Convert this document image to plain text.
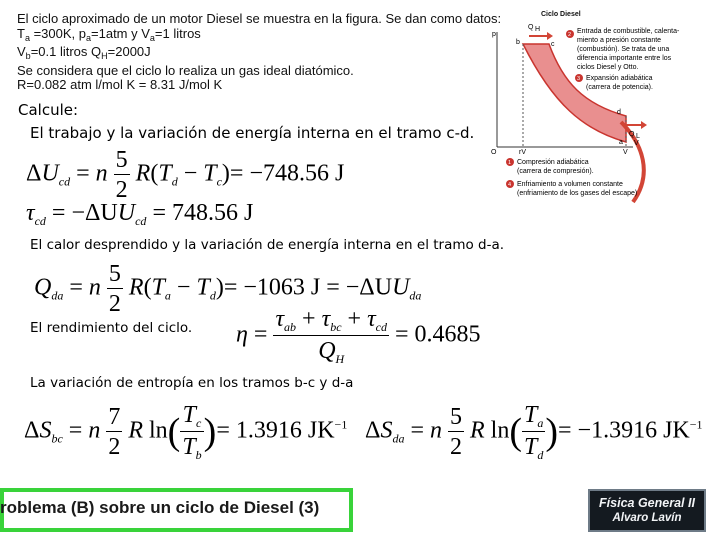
El ciclo aproximado de un motor Diesel se muestra en la figura. Se dan como datos:
$T_a =300K$, $p_a=1atm$ y $V_a=1$ litros
$V_b=0.1$ litros $Q_H=2000J$
Se considera que el ciclo lo realiza un gas ideal diatómico.
R=0.082 atm l/mol K = 8.31 J/mol K
Calcule:
El trabajo y la variación de energía interna en el tramo c-d.
El calor desprendido y la variación de energía interna en el tramo d-a.
El rendimiento del ciclo.
La variación de entropía en los tramos b-c y d-a
$\Delta U_{cd} = n \frac{5}{2} R(T_d - T_c)= -748.56$ J
$\tau_{cd} = -\Delta UU_{cd} = 748.56$ J
$Q_{da} = n \frac{5}{2} R(T_a - T_d)= -1063$ $J = -\Delta UU_{da}$
$\eta = \frac{\tau_{ab} + \tau_{bc} + \tau_{cd}}{Q_H} = 0.4685$
$\Delta S_{bc} = n \frac{7}{2}$ R $\ln( \frac{T_c}{T_b}$ )= 1.3916 $JK^{-1}$ $\Delta S_{da} = n \frac{5}{2}$ R $\ln( \frac{T_a}{T_d}$ )= −1.3916 $JK^{-1}$
p
V
Q H
Q L
b	c
d
a
O	rV	V
Ciclo Diesel
2 Entrada de combustible, calenta-
miento a presión constante
(combustión). Se trata de una
diferencia importante entre los
ciclos Diesel y Otto.
3 Expansión adiabática
(carrera de potencia).
1 Compresión adiabática
(carrera de compresión).
4 Enfriamiento a volumen constante
(enfriamiento de los gases del escape)
roblema (B) sobre un ciclo de Diesel (3)	Física General II
Alvaro Lavín
